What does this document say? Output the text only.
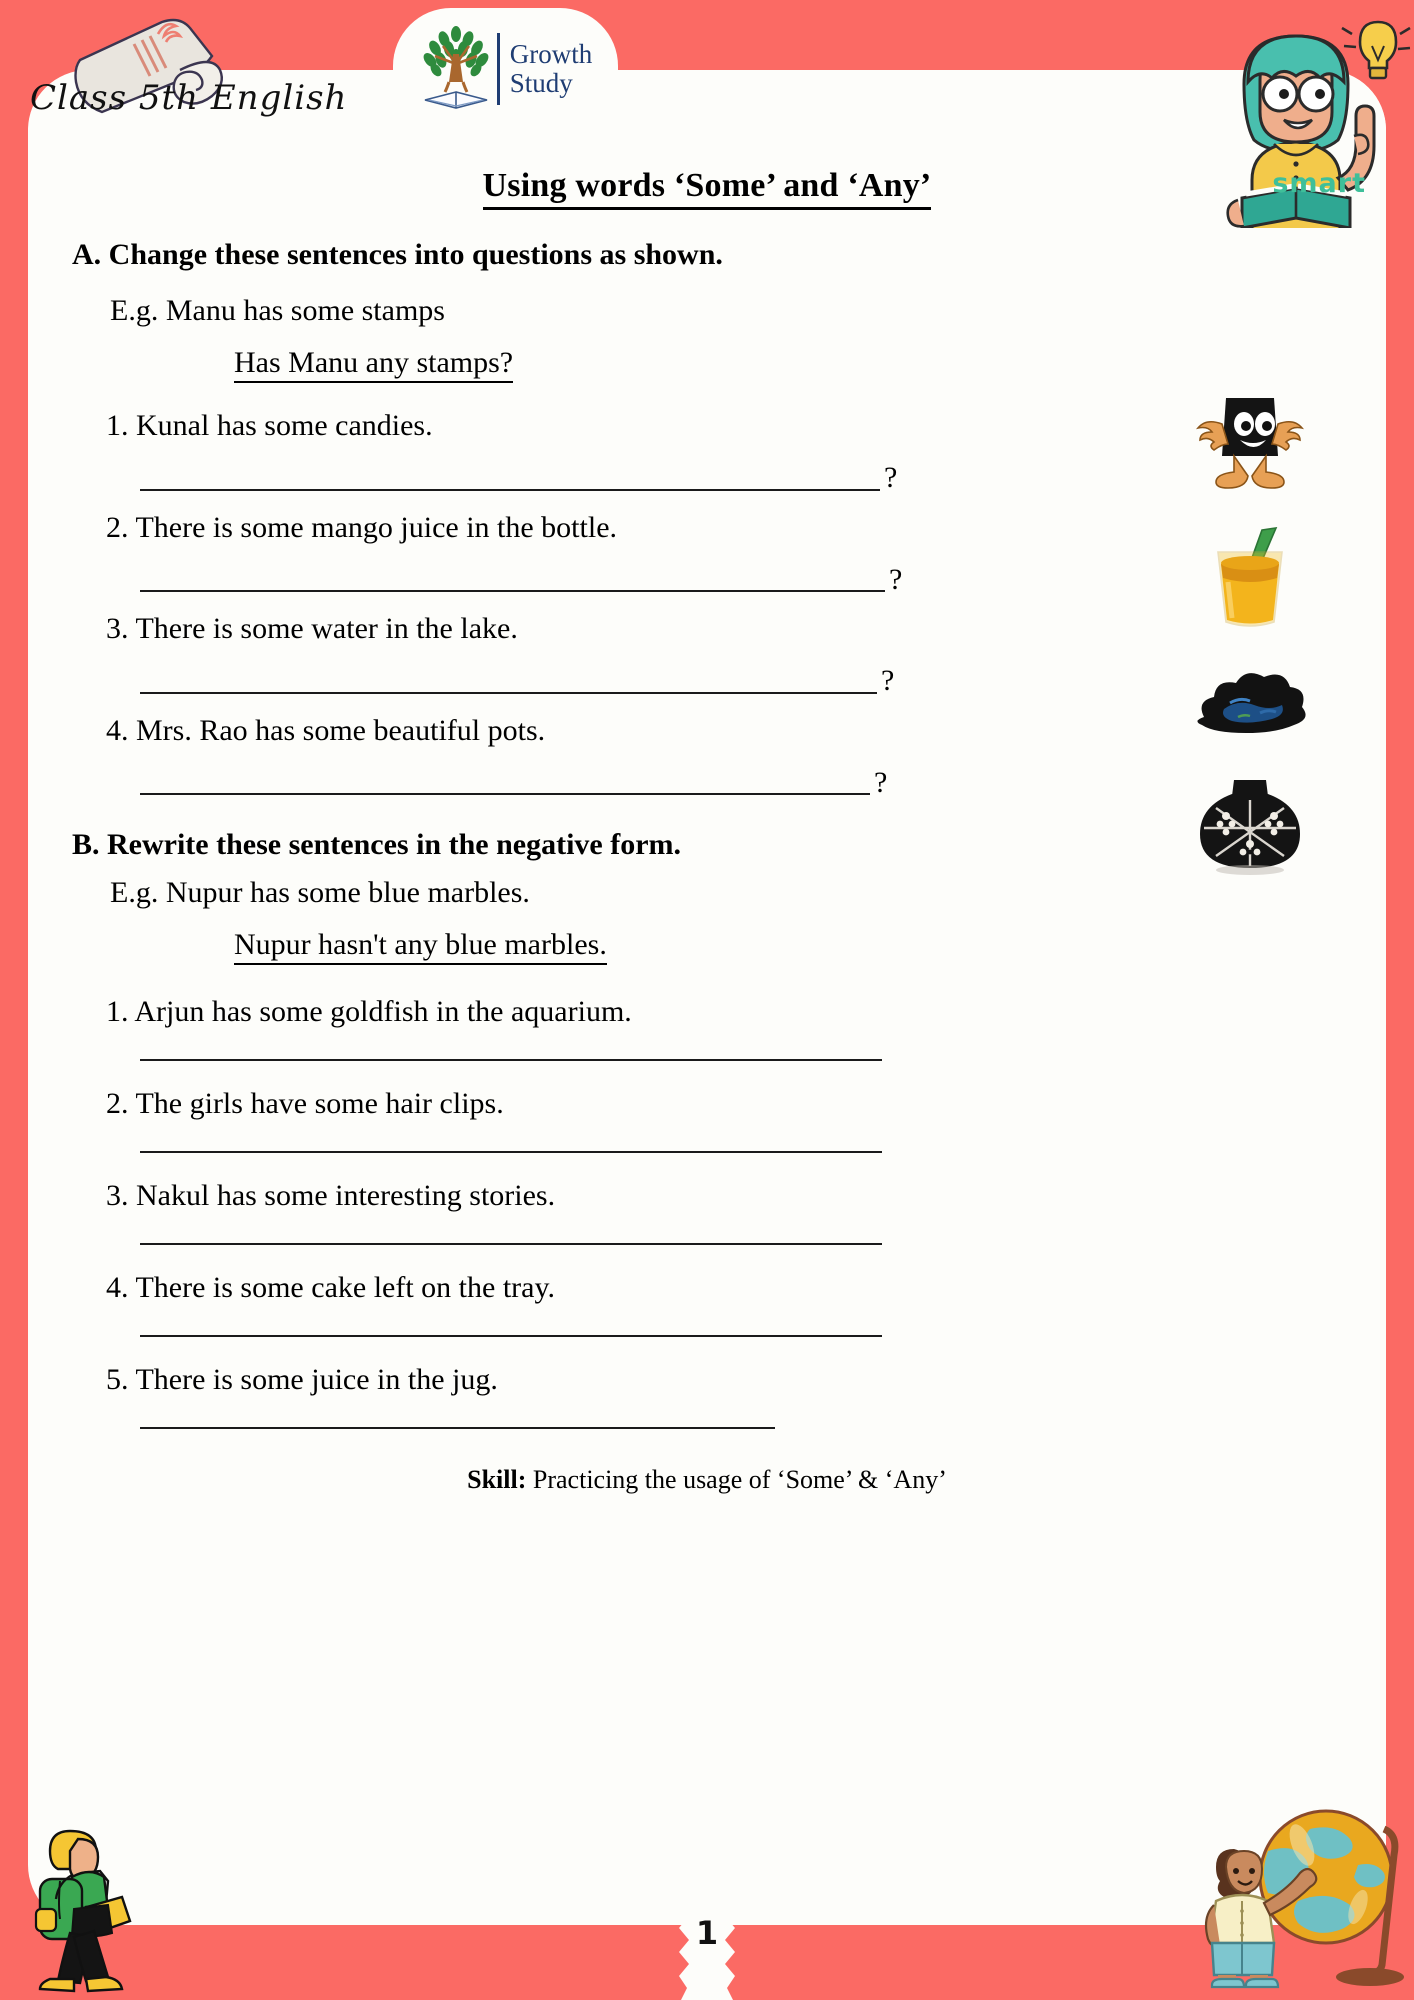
Class 5th English
Growth
Study
smart
Using words ‘Some’ and ‘Any’
A. Change these sentences into questions as shown.
E.g. Manu has some stamps
Has Manu any stamps?
1. Kunal has some candies.
?
2. There is some mango juice in the bottle.
?
3. There is some water in the lake.
?
4. Mrs. Rao has some beautiful pots.
?
B. Rewrite these sentences in the negative form.
E.g. Nupur has some blue marbles.
Nupur hasn't any blue marbles.
1. Arjun has some goldfish in the aquarium.
2. The girls have some hair clips.
3. Nakul has some interesting stories.
4. There is some cake left on the tray.
5. There is some juice in the jug.
Skill: Practicing the usage of ‘Some’ & ‘Any’
1
